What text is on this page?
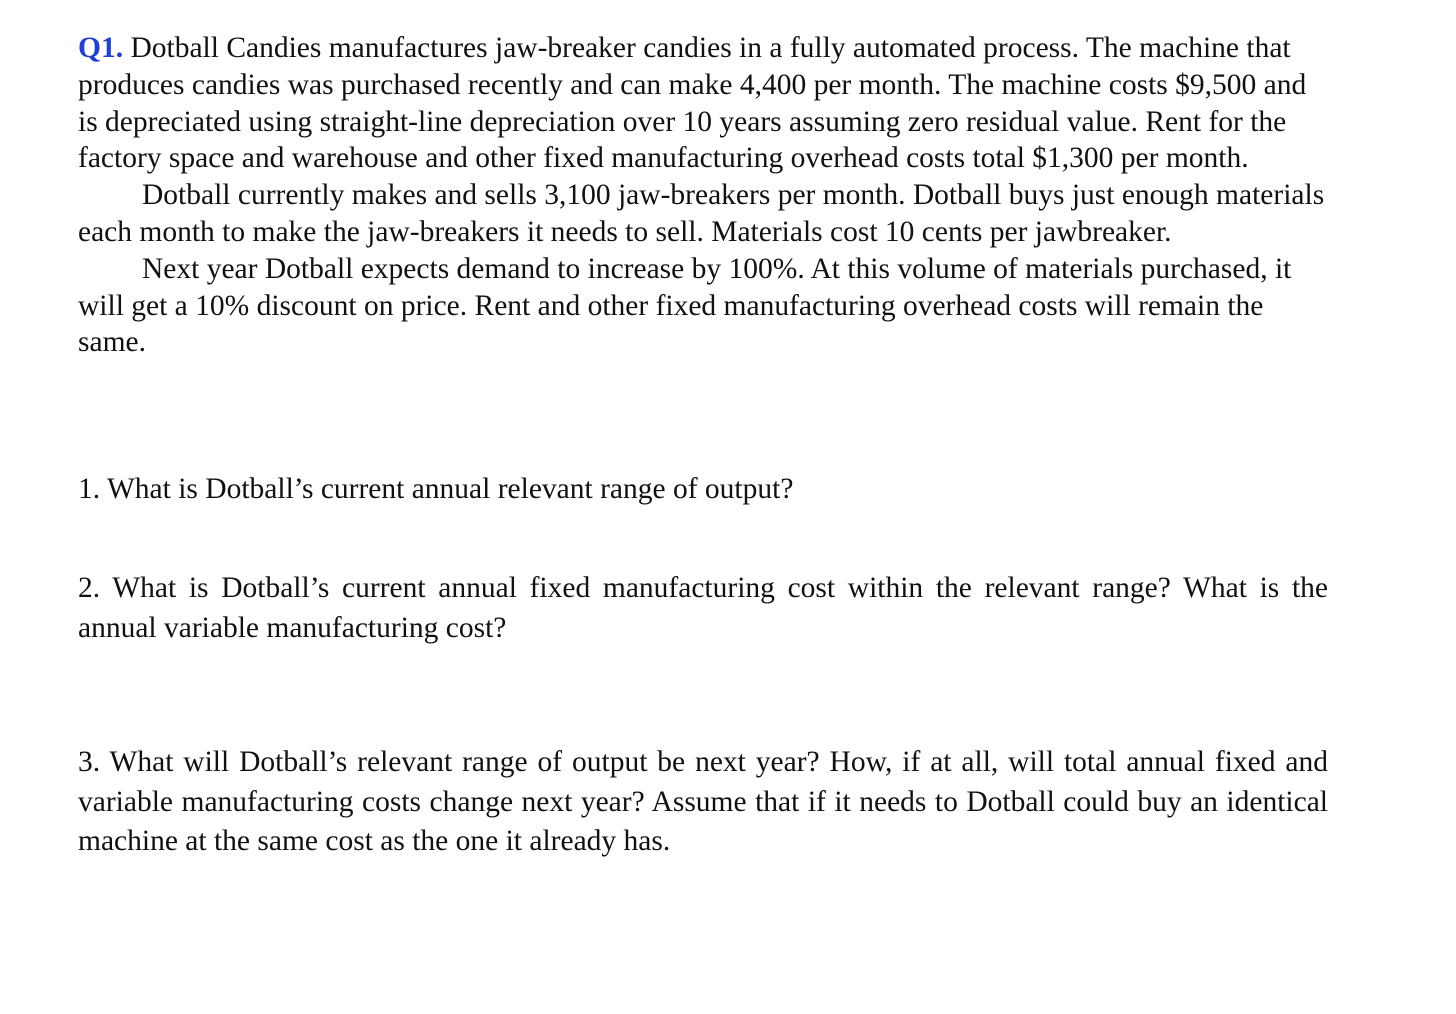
Q1. Dotball Candies manufactures jaw-breaker candies in a fully automated process. The machine that produces candies was purchased recently and can make 4,400 per month. The machine costs $9,500 and is depreciated using straight-line depreciation over 10 years assuming zero residual value. Rent for the factory space and warehouse and other fixed manufacturing overhead costs total $1,300 per month.

Dotball currently makes and sells 3,100 jaw-breakers per month. Dotball buys just enough materials each month to make the jaw-breakers it needs to sell. Materials cost 10 cents per jawbreaker.

Next year Dotball expects demand to increase by 100%. At this volume of materials purchased, it will get a 10% discount on price. Rent and other fixed manufacturing overhead costs will remain the same.

1. What is Dotball’s current annual relevant range of output?

2. What is Dotball’s current annual fixed manufacturing cost within the relevant range? What is the annual variable manufacturing cost?

3. What will Dotball’s relevant range of output be next year? How, if at all, will total annual fixed and variable manufacturing costs change next year? Assume that if it needs to Dotball could buy an identical machine at the same cost as the one it already has.
